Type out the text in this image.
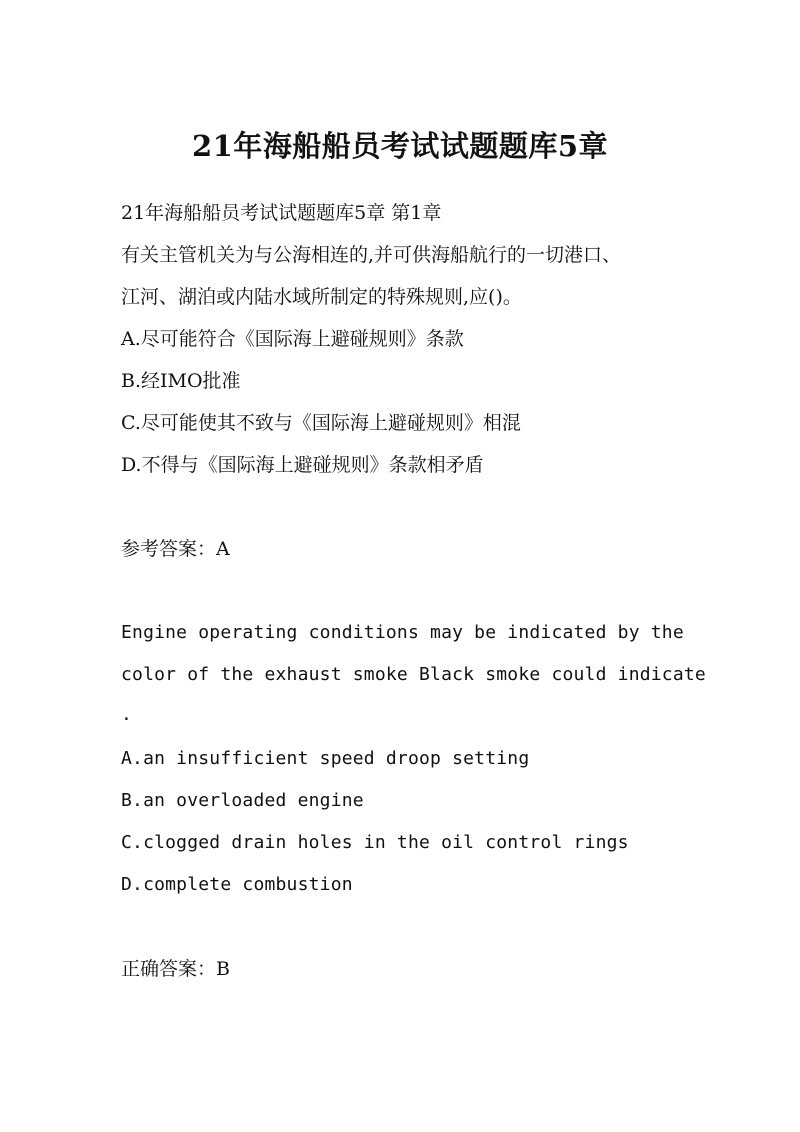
21年海船船员考试试题题库5章
21年海船船员考试试题题库5章 第1章
有关主管机关为与公海相连的,并可供海船航行的一切港口、
江河、湖泊或内陆水域所制定的特殊规则,应()。
A.尽可能符合《国际海上避碰规则》条款
B.经IMO批准
C.尽可能使其不致与《国际海上避碰规则》相混
D.不得与《国际海上避碰规则》条款相矛盾
参考答案：A
Engine operating conditions may be indicated by the
color of the exhaust smoke Black smoke could indicate
.
A.an insufficient speed droop setting
B.an overloaded engine
C.clogged drain holes in the oil control rings
D.complete combustion
正确答案：B
